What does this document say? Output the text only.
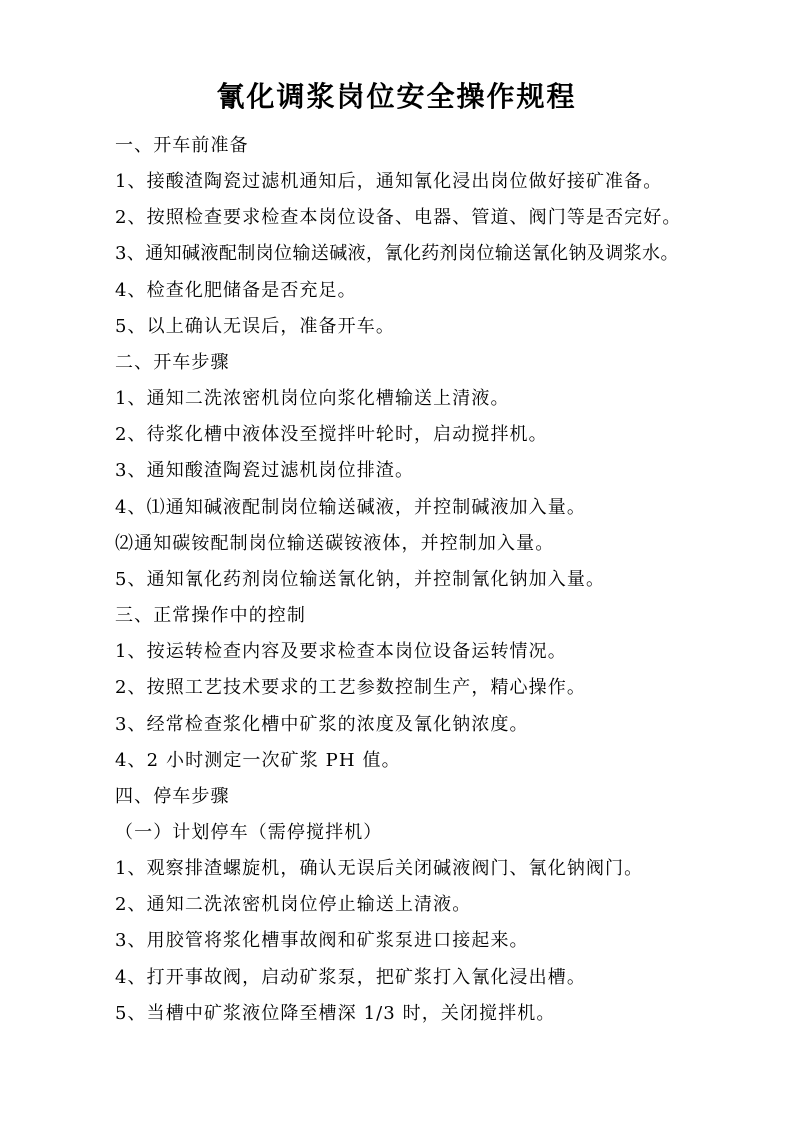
氰化调浆岗位安全操作规程
一、开车前准备
1、接酸渣陶瓷过滤机通知后，通知氰化浸出岗位做好接矿准备。
2、按照检查要求检查本岗位设备、电器、管道、阀门等是否完好。
3、通知碱液配制岗位输送碱液，氰化药剂岗位输送氰化钠及调浆水。
4、检查化肥储备是否充足。
5、以上确认无误后，准备开车。
二、开车步骤
1、通知二洗浓密机岗位向浆化槽输送上清液。
2、待浆化槽中液体没至搅拌叶轮时，启动搅拌机。
3、通知酸渣陶瓷过滤机岗位排渣。
4、⑴通知碱液配制岗位输送碱液，并控制碱液加入量。
⑵通知碳铵配制岗位输送碳铵液体，并控制加入量。
5、通知氰化药剂岗位输送氰化钠，并控制氰化钠加入量。
三、正常操作中的控制
1、按运转检查内容及要求检查本岗位设备运转情况。
2、按照工艺技术要求的工艺参数控制生产，精心操作。
3、经常检查浆化槽中矿浆的浓度及氰化钠浓度。
4、2 小时测定一次矿浆 PH 值。
四、停车步骤
（一）计划停车（需停搅拌机）
1、观察排渣螺旋机，确认无误后关闭碱液阀门、氰化钠阀门。
2、通知二洗浓密机岗位停止输送上清液。
3、用胶管将浆化槽事故阀和矿浆泵进口接起来。
4、打开事故阀，启动矿浆泵，把矿浆打入氰化浸出槽。
5、当槽中矿浆液位降至槽深 1/3 时，关闭搅拌机。
